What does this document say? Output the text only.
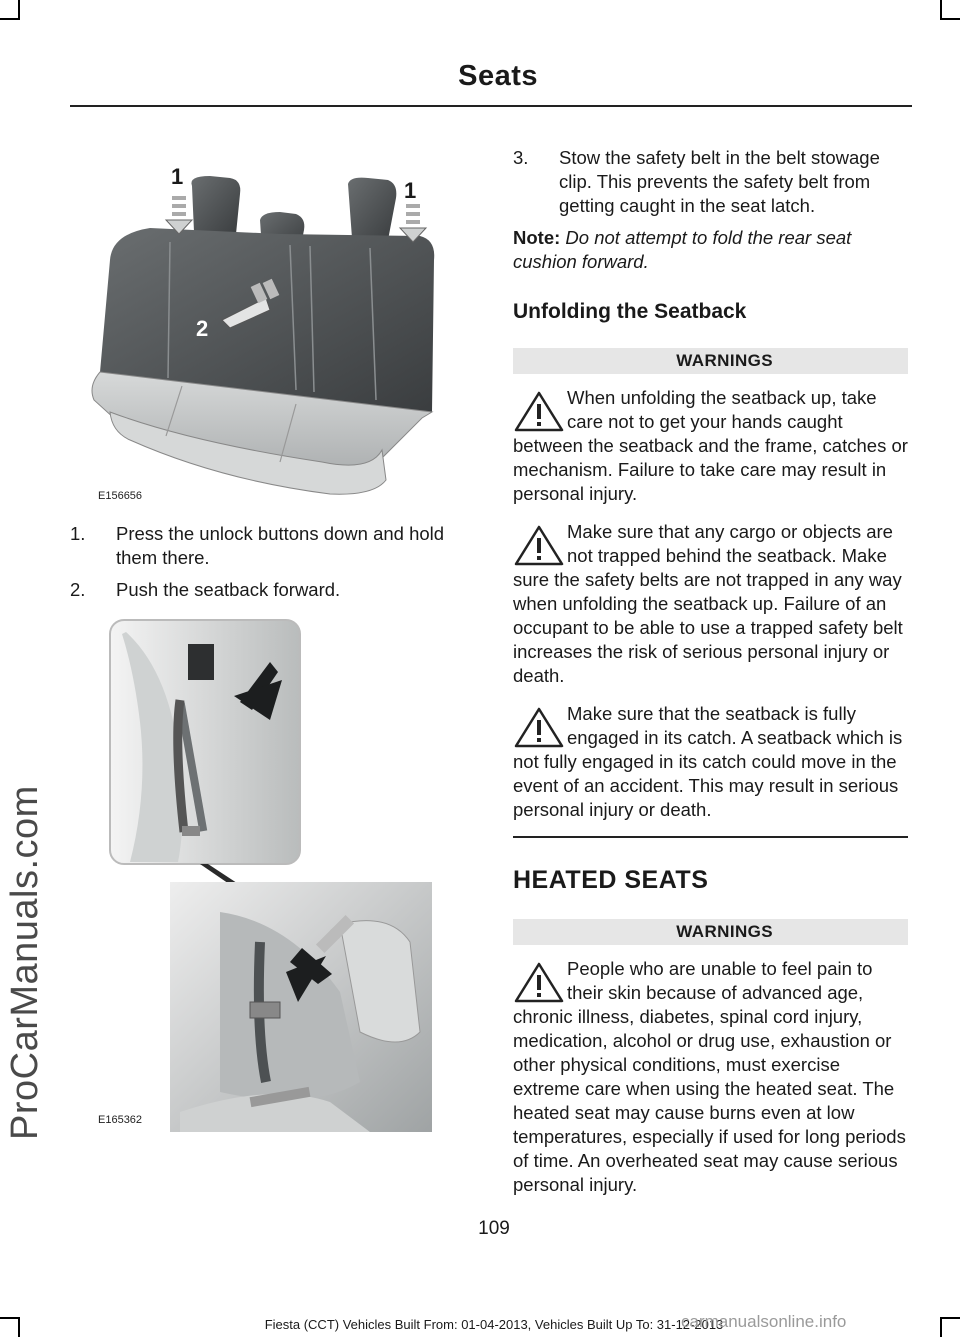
Seats
ProCarManuals.com
1
1
2
E156656
1. Press the unlock buttons down and hold them there.
2. Push the seatback forward.
E165362
3. Stow the safety belt in the belt stowage clip. This prevents the safety belt from getting caught in the seat latch.
Note: Do not attempt to fold the rear seat cushion forward.
Unfolding the Seatback
WARNINGS

When unfolding the seatback up, take care not to get your hands caught between the seatback and the frame, catches or mechanism. Failure to take care may result in personal injury.

Make sure that any cargo or objects are not trapped behind the seatback. Make sure the safety belts are not trapped in any way when unfolding the seatback up. Failure of an occupant to be able to use a trapped safety belt increases the risk of serious personal injury or death.

Make sure that the seatback is fully engaged in its catch. A seatback which is not fully engaged in its catch could move in the event of an accident. This may result in serious personal injury or death.

HEATED SEATS
WARNINGS

People who are unable to feel pain to their skin because of advanced age, chronic illness, diabetes, spinal cord injury, medication, alcohol or drug use, exhaustion or other physical conditions, must exercise extreme care when using the heated seat. The heated seat may cause burns even at low temperatures, especially if used for long periods of time. An overheated seat may cause serious personal injury.

109
Fiesta (CCT) Vehicles Built From: 01-04-2013, Vehicles Built Up To: 31-12-2013
carmanualsonline.info
